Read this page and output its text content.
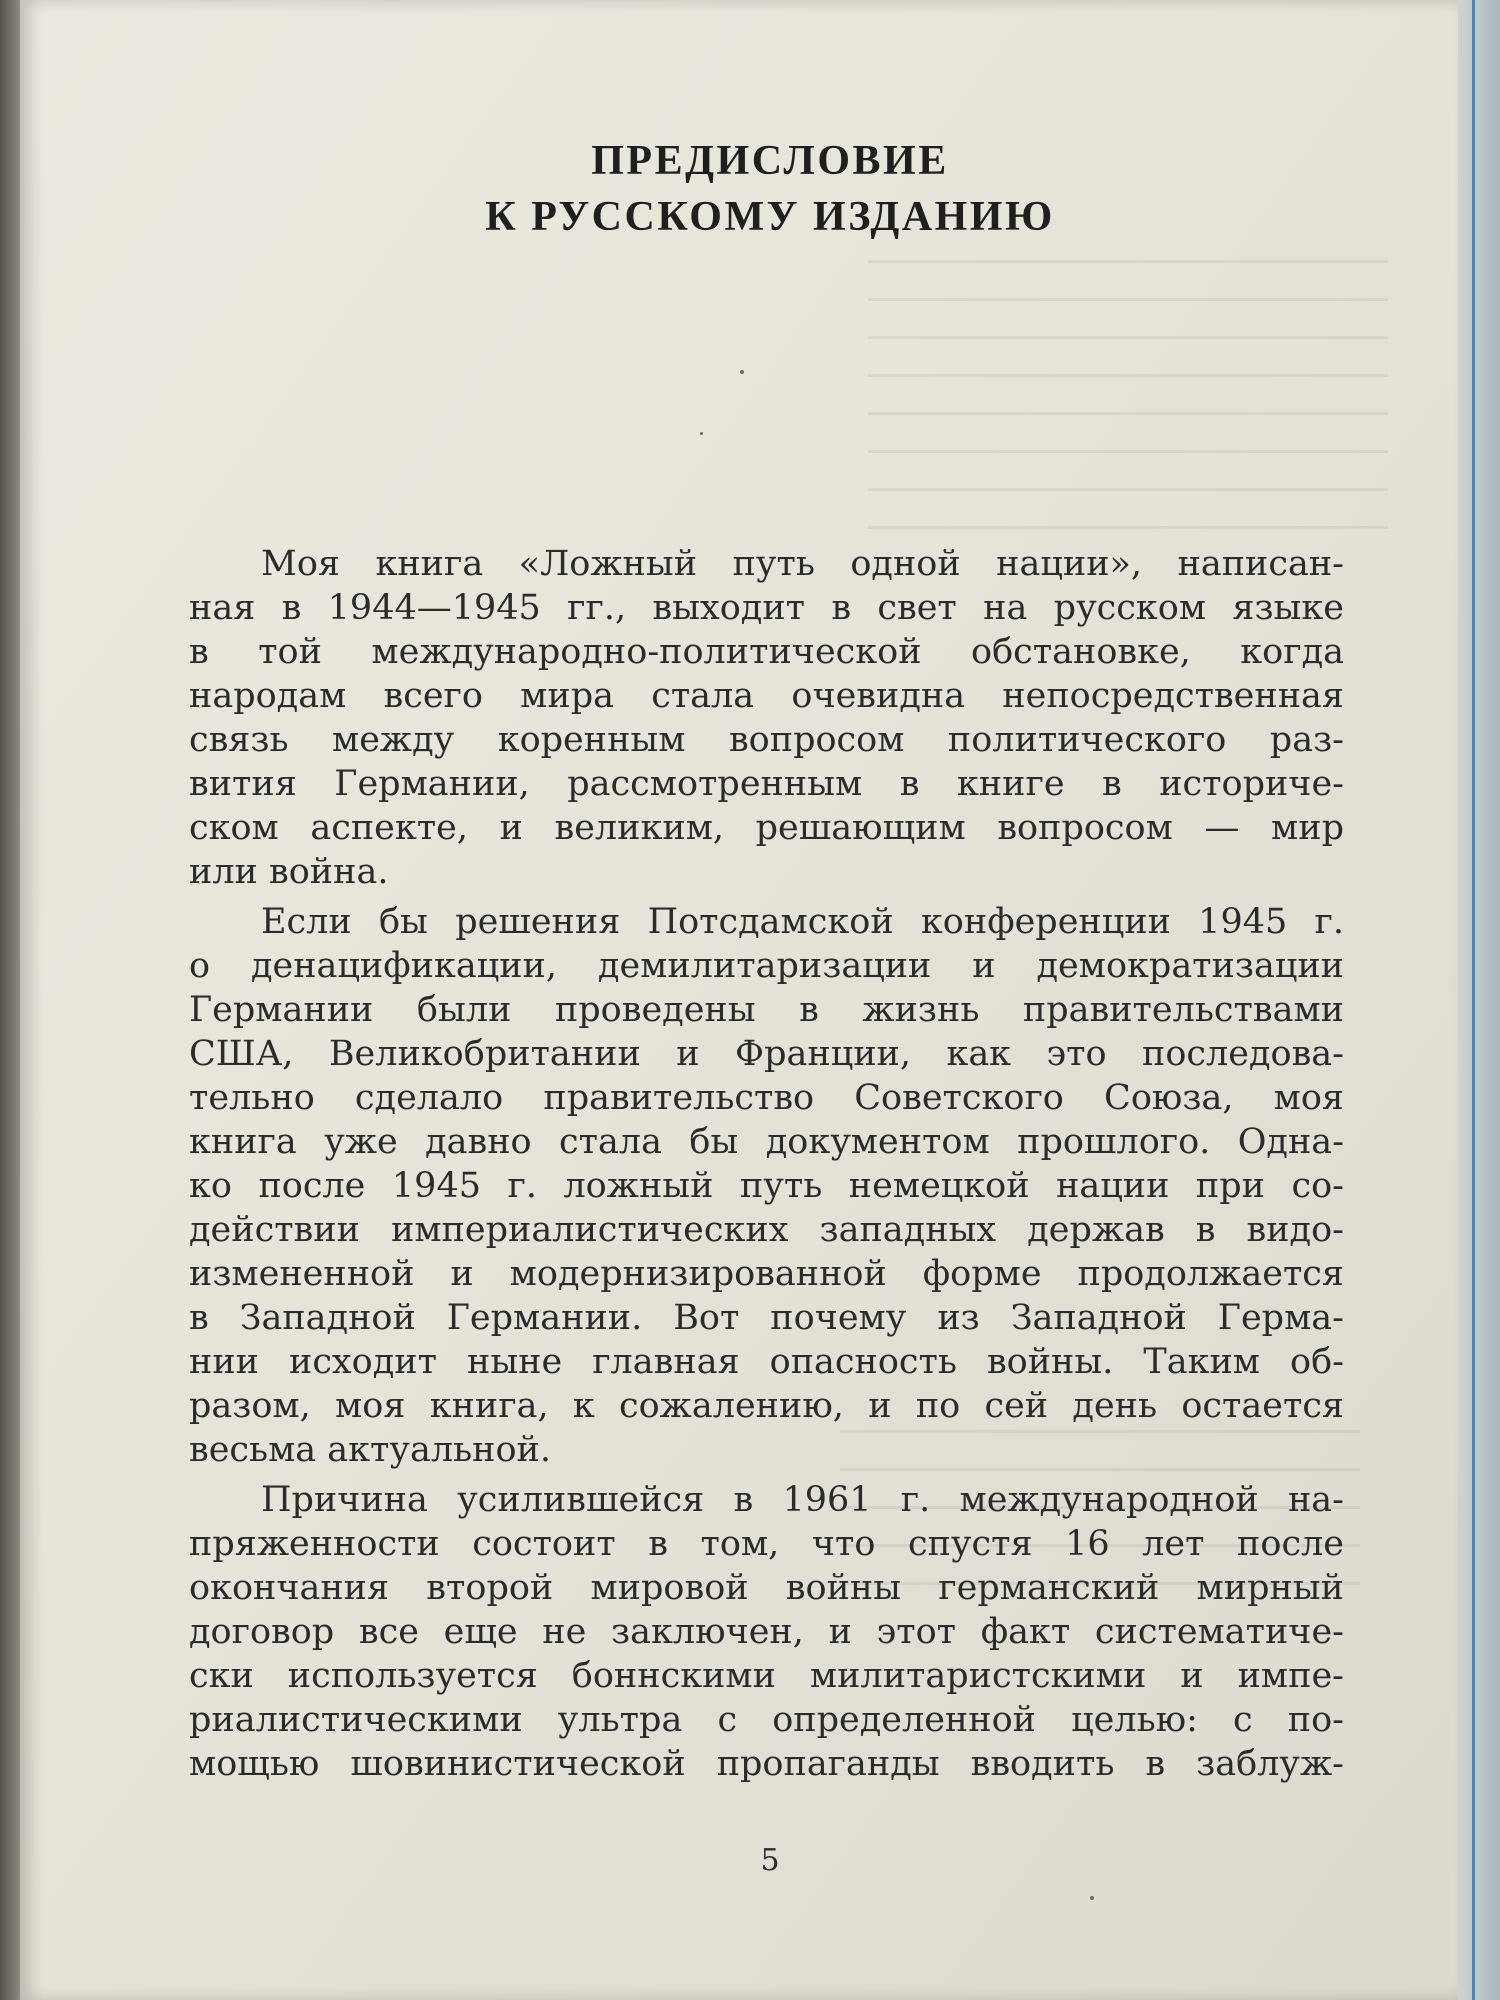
ПРЕДИСЛОВИЕ
К РУССКОМУ ИЗДАНИЮ
Моя книга «Ложный путь одной нации», написан-
ная в 1944—1945 гг., выходит в свет на русском языке
в той международно-политической обстановке, когда
народам всего мира стала очевидна непосредственная
связь между коренным вопросом политического раз-
вития Германии, рассмотренным в книге в историче-
ском аспекте, и великим, решающим вопросом — мир
или война.
Если бы решения Потсдамской конференции 1945 г.
о денацификации, демилитаризации и демократизации
Германии были проведены в жизнь правительствами
США, Великобритании и Франции, как это последова-
тельно сделало правительство Советского Союза, моя
книга уже давно стала бы документом прошлого. Одна-
ко после 1945 г. ложный путь немецкой нации при со-
действии империалистических западных держав в видо-
измененной и модернизированной форме продолжается
в Западной Германии. Вот почему из Западной Герма-
нии исходит ныне главная опасность войны. Таким об-
разом, моя книга, к сожалению, и по сей день остается
весьма актуальной.
Причина усилившейся в 1961 г. международной на-
пряженности состоит в том, что спустя 16 лет после
окончания второй мировой войны германский мирный
договор все еще не заключен, и этот факт систематиче-
ски используется боннскими милитаристскими и импе-
риалистическими ультра с определенной целью: с по-
мощью шовинистической пропаганды вводить в заблуж-
5
